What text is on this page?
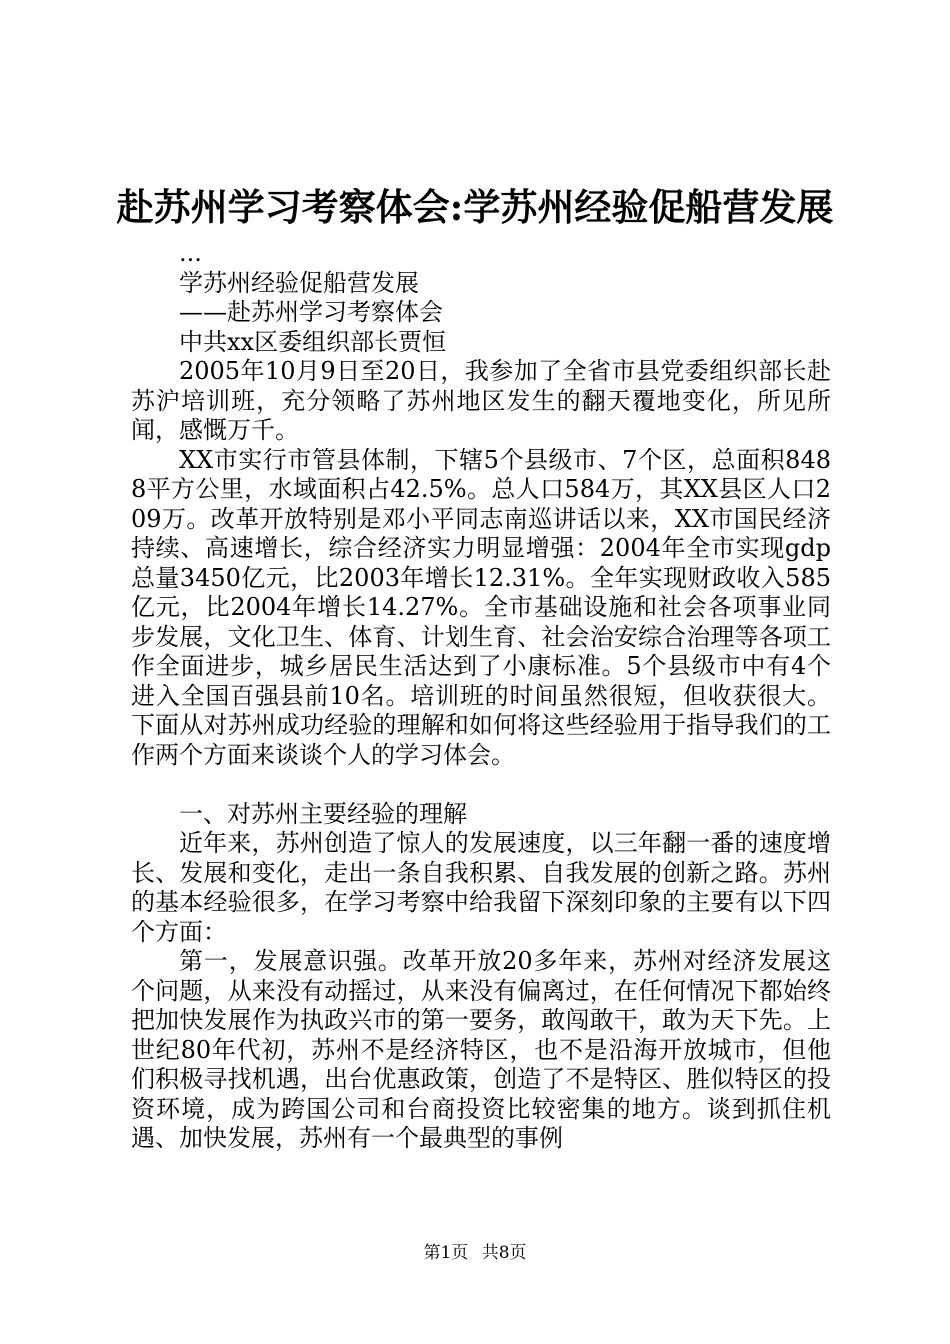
赴苏州学习考察体会:学苏州经验促船营发展

...

学苏州经验促船营发展

——赴苏州学习考察体会

中共xx区委组织部长贾恒

2005年10月9日至20日，我参加了全省市县党委组织部长赴苏沪培训班，充分领略了苏州地区发生的翻天覆地变化，所见所闻，感慨万千。

XX市实行市管县体制，下辖5个县级市、7个区，总面积8488平方公里，水域面积占42.5%。总人口584万，其XX县区人口209万。改革开放特别是邓小平同志南巡讲话以来，XX市国民经济持续、高速增长，综合经济实力明显增强：2004年全市实现gdp总量3450亿元，比2003年增长12.31%。全年实现财政收入585亿元，比2004年增长14.27%。全市基础设施和社会各项事业同步发展，文化卫生、体育、计划生育、社会治安综合治理等各项工作全面进步，城乡居民生活达到了小康标准。5个县级市中有4个进入全国百强县前10名。培训班的时间虽然很短，但收获很大。下面从对苏州成功经验的理解和如何将这些经验用于指导我们的工作两个方面来谈谈个人的学习体会。

一、对苏州主要经验的理解

近年来，苏州创造了惊人的发展速度，以三年翻一番的速度增长、发展和变化，走出一条自我积累、自我发展的创新之路。苏州的基本经验很多，在学习考察中给我留下深刻印象的主要有以下四个方面：

第一，发展意识强。改革开放20多年来，苏州对经济发展这个问题，从来没有动摇过，从来没有偏离过，在任何情况下都始终把加快发展作为执政兴市的第一要务，敢闯敢干，敢为天下先。上世纪80年代初，苏州不是经济特区，也不是沿海开放城市，但他们积极寻找机遇，出台优惠政策，创造了不是特区、胜似特区的投资环境，成为跨国公司和台商投资比较密集的地方。谈到抓住机遇、加快发展，苏州有一个最典型的事例

第1页 共8页
